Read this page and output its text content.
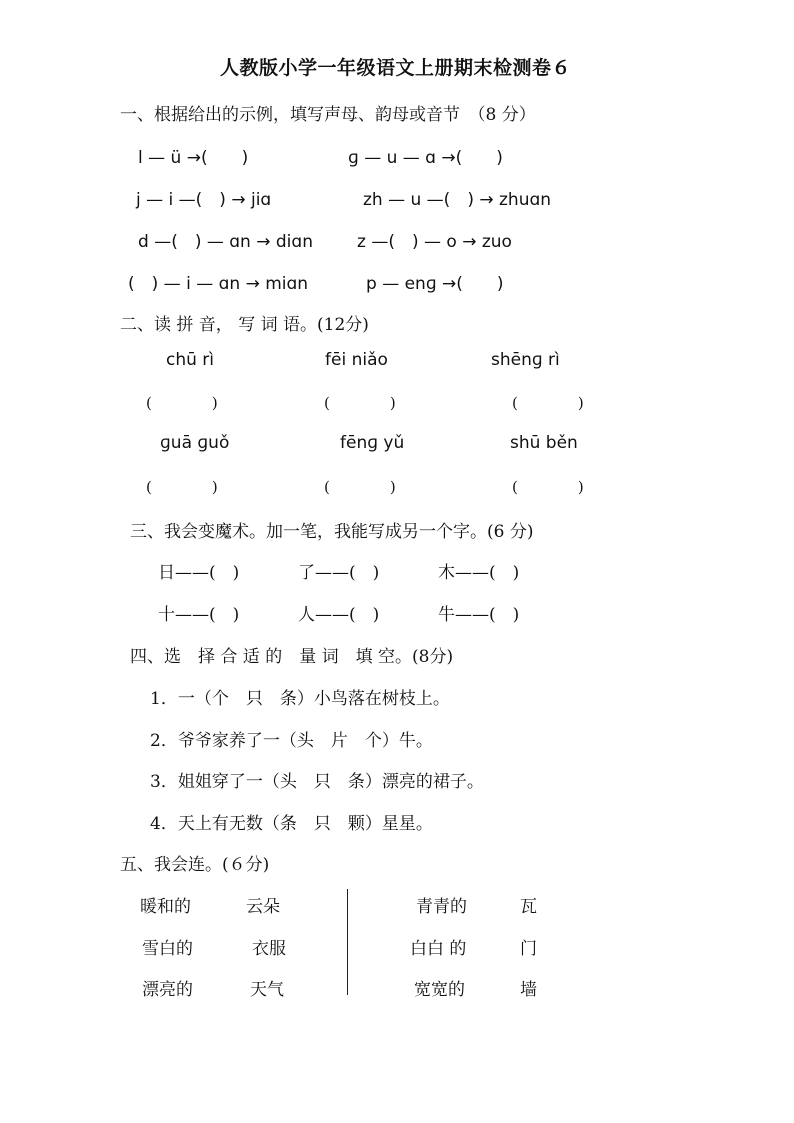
人教版小学一年级语文上册期末检测卷６
一、根据给出的示例，填写声母、韵母或音节　（8 分）
l — ü →(　　)	ɡ — u — ɑ →(　　)
j — i —(　) → jiɑ	zh — u —(　) → zhuɑn
d —(　) — ɑn → diɑn	z —(　) — o → zuo
(　) — i — ɑn → miɑn	p — enɡ →(　　)
二、读 拼 音， 写 词 语。(12分)
chū rì	fēi niǎo	shēnɡ rì
(　　　　)	(　　　　)	(　　　　)
ɡuā ɡuǒ	fēnɡ yǔ	shū běn
(　　　　)	(　　　　)	(　　　　)
三、我会变魔术。加一笔，我能写成另一个字。(6 分)
日——(　)	了——(　)	木——(　)
十——(　)	人——(　)	牛——(　)
四、选　择 合 适 的　量 词　填 空。(8分)
1．一（个　只　条）小鸟落在树枝上。
2．爷爷家养了一（头　片　个）牛。
3．姐姐穿了一（头　只　条）漂亮的裙子。
4．天上有无数（条　只　颗）星星。
五、我会连。(６分)
暖和的	云朵
雪白的	衣服
漂亮的	天气
青青的	瓦
白白 的	门
宽宽的	墙
